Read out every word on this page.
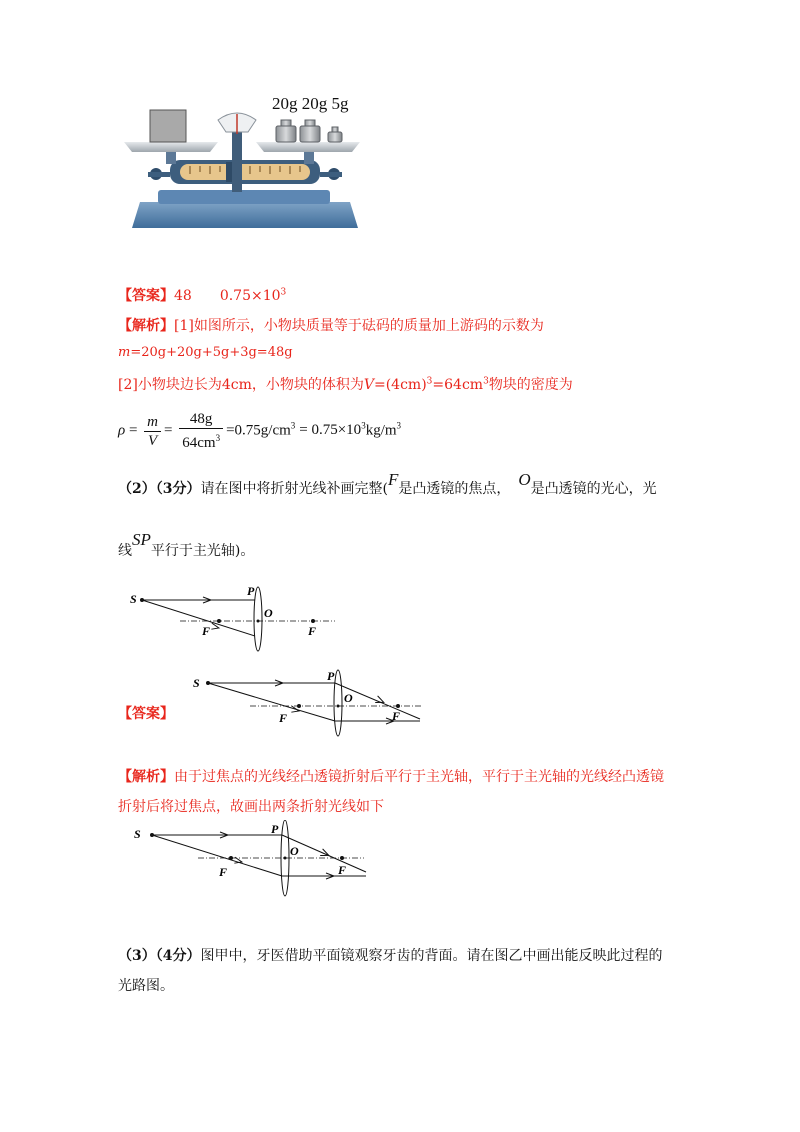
20g 20g 5g
【答案】48 $0.75\times 10^3$
【解析】[1]如图所示，小物块质量等于砝码的质量加上游码的示数为
m=20g+20g+5g+3g=48g
[2]小物块边长为4cm，小物块的体积为$V=(4cm)^3=64cm^3$物块的密度为
$\rho = \frac{m}{V} = \frac{48g}{64cm^3} =0.75g/cm^3 = 0.75\times 10^3kg/m^3$
（2）（3分）请在图中将折射光线补画完整(F是凸透镜的焦点， O是凸透镜的光心，光
线SP平行于主光轴)。
S
P
O
F	F
【答案】
S	P
O
F	F
【解析】由于过焦点的光线经凸透镜折射后平行于主光轴，平行于主光轴的光线经凸透镜
折射后将过焦点，故画出两条折射光线如下
S	P
O
F	F
（3）（4分）图甲中，牙医借助平面镜观察牙齿的背面。请在图乙中画出能反映此过程的
光路图。
